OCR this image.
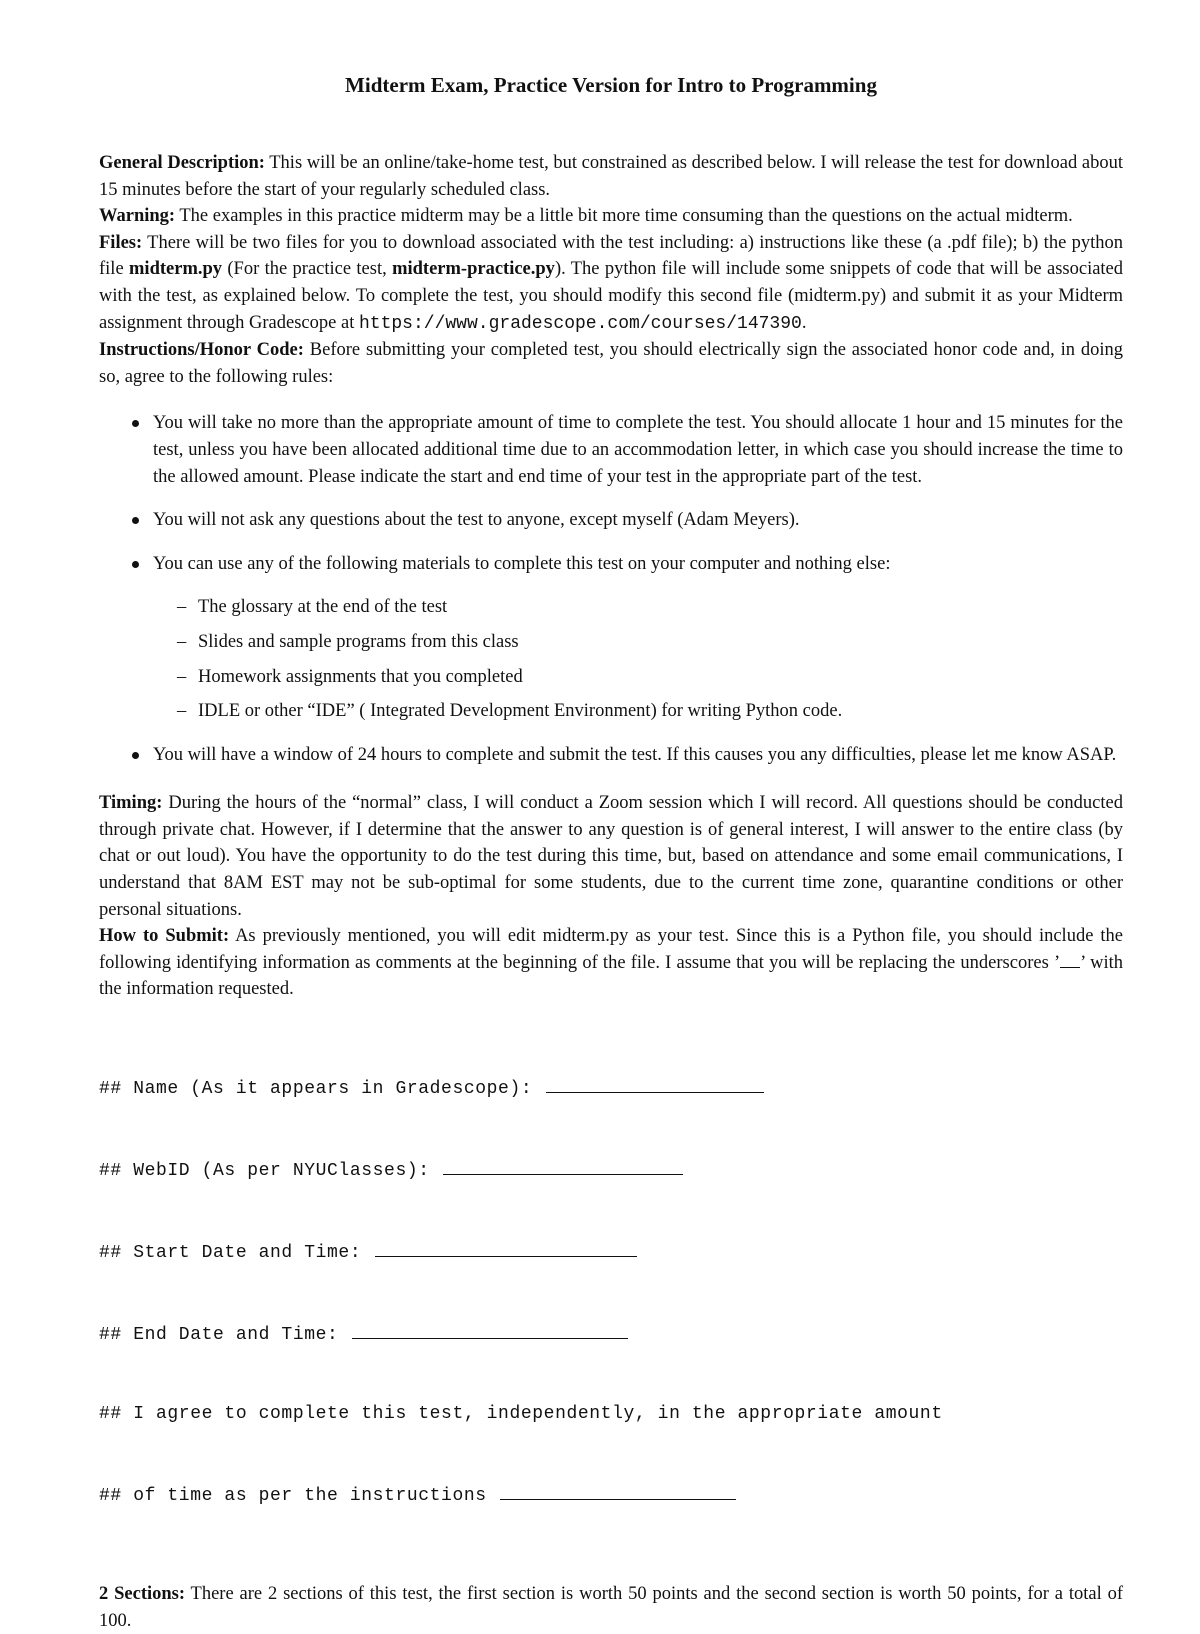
Midterm Exam, Practice Version for Intro to Programming

General Description: This will be an online/take-home test, but constrained as described below. I will release the test for download about 15 minutes before the start of your regularly scheduled class.

Warning: The examples in this practice midterm may be a little bit more time consuming than the questions on the actual midterm.

Files: There will be two files for you to download associated with the test including: a) instructions like these (a .pdf file); b) the python file midterm.py (For the practice test, midterm-practice.py). The python file will include some snippets of code that will be associated with the test, as explained below. To complete the test, you should modify this second file (midterm.py) and submit it as your Midterm assignment through Gradescope at https://www.gradescope.com/courses/147390.

Instructions/Honor Code: Before submitting your completed test, you should electrically sign the associated honor code and, in doing so, agree to the following rules:

You will take no more than the appropriate amount of time to complete the test. You should allocate 1 hour and 15 minutes for the test, unless you have been allocated additional time due to an accommodation letter, in which case you should increase the time to the allowed amount. Please indicate the start and end time of your test in the appropriate part of the test.
You will not ask any questions about the test to anyone, except myself (Adam Meyers).
You can use any of the following materials to complete this test on your computer and nothing else:
– The glossary at the end of the test
– Slides and sample programs from this class
– Homework assignments that you completed
– IDLE or other “IDE” ( Integrated Development Environment) for writing Python code.
You will have a window of 24 hours to complete and submit the test. If this causes you any difficulties, please let me know ASAP.

Timing: During the hours of the “normal” class, I will conduct a Zoom session which I will record. All questions should be conducted through private chat. However, if I determine that the answer to any question is of general interest, I will answer to the entire class (by chat or out loud). You have the opportunity to do the test during this time, but, based on attendance and some email communications, I understand that 8AM EST may not be sub-optimal for some students, due to the current time zone, quarantine conditions or other personal situations.

How to Submit: As previously mentioned, you will edit midterm.py as your test. Since this is a Python file, you should include the following identifying information as comments at the beginning of the file. I assume that you will be replacing the underscores ’ ’ with the information requested.

## Name (As it appears in Gradescope):

## WebID (As per NYUClasses):

## Start Date and Time:

## End Date and Time:

## I agree to complete this test, independently, in the appropriate amount

## of time as per the instructions

2 Sections: There are 2 sections of this test, the first section is worth 50 points and the second section is worth 50 points, for a total of 100.
